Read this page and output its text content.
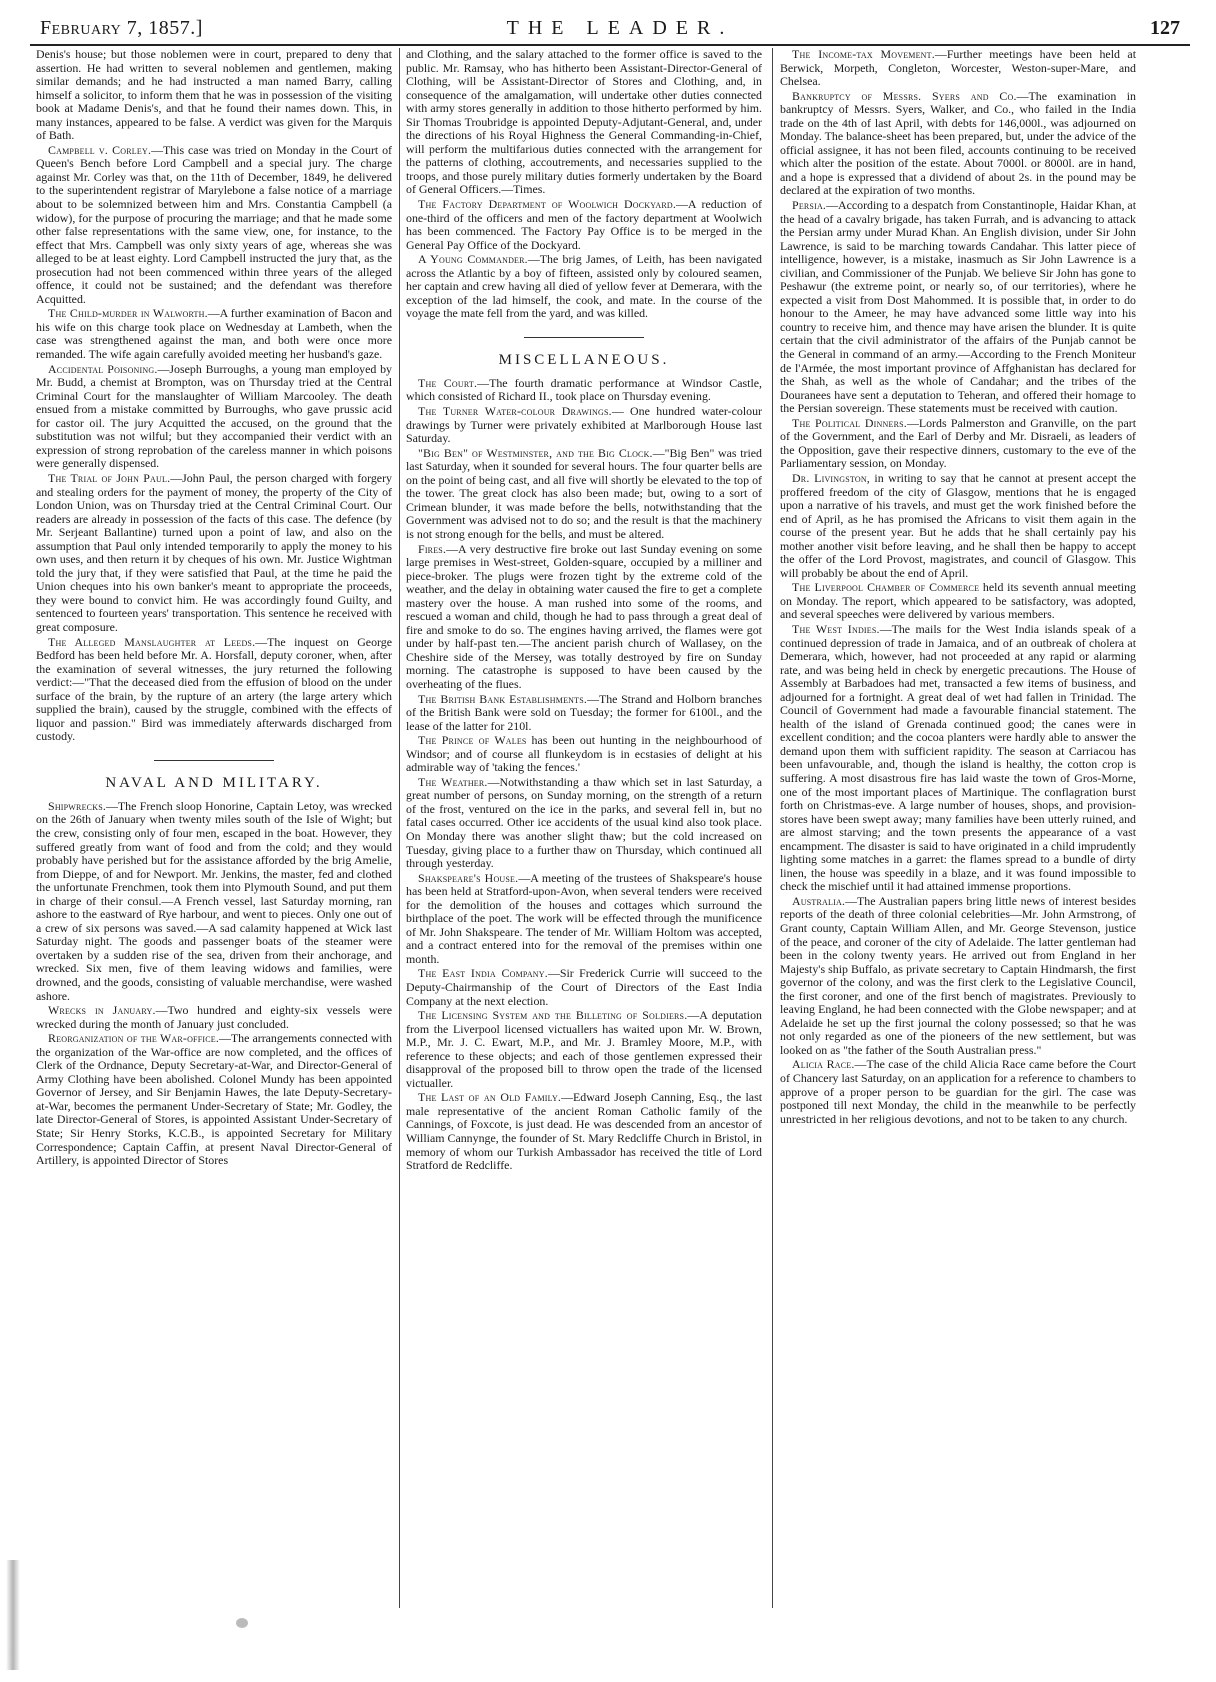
February 7, 1857.]	THE LEADER.	127

Denis's house; but those noblemen were in court, prepared to deny that assertion. He had written to several noblemen and gentlemen, making similar demands; and he had instructed a man named Barry, calling himself a solicitor, to inform them that he was in possession of the visiting book at Madame Denis's, and that he found their names down. This, in many instances, appeared to be false. A verdict was given for the Marquis of Bath.

Campbell v. Corley.—This case was tried on Monday in the Court of Queen's Bench before Lord Campbell and a special jury. The charge against Mr. Corley was that, on the 11th of December, 1849, he delivered to the superintendent registrar of Marylebone a false notice of a marriage about to be solemnized between him and Mrs. Constantia Campbell (a widow), for the purpose of procuring the marriage; and that he made some other false representations with the same view, one, for instance, to the effect that Mrs. Campbell was only sixty years of age, whereas she was alleged to be at least eighty. Lord Campbell instructed the jury that, as the prosecution had not been commenced within three years of the alleged offence, it could not be sustained; and the defendant was therefore Acquitted.

The Child-murder in Walworth.—A further examination of Bacon and his wife on this charge took place on Wednesday at Lambeth, when the case was strengthened against the man, and both were once more remanded. The wife again carefully avoided meeting her husband's gaze.

Accidental Poisoning.—Joseph Burroughs, a young man employed by Mr. Budd, a chemist at Brompton, was on Thursday tried at the Central Criminal Court for the manslaughter of William Marcooley. The death ensued from a mistake committed by Burroughs, who gave prussic acid for castor oil. The jury Acquitted the accused, on the ground that the substitution was not wilful; but they accompanied their verdict with an expression of strong reprobation of the careless manner in which poisons were generally dispensed.

The Trial of John Paul.—John Paul, the person charged with forgery and stealing orders for the payment of money, the property of the City of London Union, was on Thursday tried at the Central Criminal Court. Our readers are already in possession of the facts of this case. The defence (by Mr. Serjeant Ballantine) turned upon a point of law, and also on the assumption that Paul only intended temporarily to apply the money to his own uses, and then return it by cheques of his own. Mr. Justice Wightman told the jury that, if they were satisfied that Paul, at the time he paid the Union cheques into his own banker's meant to appropriate the proceeds, they were bound to convict him. He was accordingly found Guilty, and sentenced to fourteen years' transportation. This sentence he received with great composure.

The Alleged Manslaughter at Leeds.—The inquest on George Bedford has been held before Mr. A. Horsfall, deputy coroner, when, after the examination of several witnesses, the jury returned the following verdict:—"That the deceased died from the effusion of blood on the under surface of the brain, by the rupture of an artery (the large artery which supplied the brain), caused by the struggle, combined with the effects of liquor and passion." Bird was immediately afterwards discharged from custody.

NAVAL AND MILITARY.

Shipwrecks.—The French sloop Honorine, Captain Letoy, was wrecked on the 26th of January when twenty miles south of the Isle of Wight; but the crew, consisting only of four men, escaped in the boat. However, they suffered greatly from want of food and from the cold; and they would probably have perished but for the assistance afforded by the brig Amelie, from Dieppe, of and for Newport. Mr. Jenkins, the master, fed and clothed the unfortunate Frenchmen, took them into Plymouth Sound, and put them in charge of their consul.—A French vessel, last Saturday morning, ran ashore to the eastward of Rye harbour, and went to pieces. Only one out of a crew of six persons was saved.—A sad calamity happened at Wick last Saturday night. The goods and passenger boats of the steamer were overtaken by a sudden rise of the sea, driven from their anchorage, and wrecked. Six men, five of them leaving widows and families, were drowned, and the goods, consisting of valuable merchandise, were washed ashore.

Wrecks in January.—Two hundred and eighty-six vessels were wrecked during the month of January just concluded.

Reorganization of the War-office.—The arrangements connected with the organization of the War-office are now completed, and the offices of Clerk of the Ordnance, Deputy Secretary-at-War, and Director-General of Army Clothing have been abolished. Colonel Mundy has been appointed Governor of Jersey, and Sir Benjamin Hawes, the late Deputy-Secretary-at-War, becomes the permanent Under-Secretary of State; Mr. Godley, the late Director-General of Stores, is appointed Assistant Under-Secretary of State; Sir Henry Storks, K.C.B., is appointed Secretary for Military Correspondence; Captain Caffin, at present Naval Director-General of Artillery, is appointed Director of Stores

and Clothing, and the salary attached to the former office is saved to the public. Mr. Ramsay, who has hitherto been Assistant-Director-General of Clothing, will be Assistant-Director of Stores and Clothing, and, in consequence of the amalgamation, will undertake other duties connected with army stores generally in addition to those hitherto performed by him. Sir Thomas Troubridge is appointed Deputy-Adjutant-General, and, under the directions of his Royal Highness the General Commanding-in-Chief, will perform the multifarious duties connected with the arrangement for the patterns of clothing, accoutrements, and necessaries supplied to the troops, and those purely military duties formerly undertaken by the Board of General Officers.—Times.

The Factory Department of Woolwich Dockyard.—A reduction of one-third of the officers and men of the factory department at Woolwich has been commenced. The Factory Pay Office is to be merged in the General Pay Office of the Dockyard.

A Young Commander.—The brig James, of Leith, has been navigated across the Atlantic by a boy of fifteen, assisted only by coloured seamen, her captain and crew having all died of yellow fever at Demerara, with the exception of the lad himself, the cook, and mate. In the course of the voyage the mate fell from the yard, and was killed.

MISCELLANEOUS.

The Court.—The fourth dramatic performance at Windsor Castle, which consisted of Richard II., took place on Thursday evening.

The Turner Water-colour Drawings.— One hundred water-colour drawings by Turner were privately exhibited at Marlborough House last Saturday.

"Big Ben" of Westminster, and the Big Clock.—"Big Ben" was tried last Saturday, when it sounded for several hours. The four quarter bells are on the point of being cast, and all five will shortly be elevated to the top of the tower. The great clock has also been made; but, owing to a sort of Crimean blunder, it was made before the bells, notwithstanding that the Government was advised not to do so; and the result is that the machinery is not strong enough for the bells, and must be altered.

Fires.—A very destructive fire broke out last Sunday evening on some large premises in West-street, Golden-square, occupied by a milliner and piece-broker. The plugs were frozen tight by the extreme cold of the weather, and the delay in obtaining water caused the fire to get a complete mastery over the house. A man rushed into some of the rooms, and rescued a woman and child, though he had to pass through a great deal of fire and smoke to do so. The engines having arrived, the flames were got under by half-past ten.—The ancient parish church of Wallasey, on the Cheshire side of the Mersey, was totally destroyed by fire on Sunday morning. The catastrophe is supposed to have been caused by the overheating of the flues.

The British Bank Establishments.—The Strand and Holborn branches of the British Bank were sold on Tuesday; the former for 6100l., and the lease of the latter for 210l.

The Prince of Wales has been out hunting in the neighbourhood of Windsor; and of course all flunkeydom is in ecstasies of delight at his admirable way of 'taking the fences.'

The Weather.—Notwithstanding a thaw which set in last Saturday, a great number of persons, on Sunday morning, on the strength of a return of the frost, ventured on the ice in the parks, and several fell in, but no fatal cases occurred. Other ice accidents of the usual kind also took place. On Monday there was another slight thaw; but the cold increased on Tuesday, giving place to a further thaw on Thursday, which continued all through yesterday.

Shakspeare's House.—A meeting of the trustees of Shakspeare's house has been held at Stratford-upon-Avon, when several tenders were received for the demolition of the houses and cottages which surround the birthplace of the poet. The work will be effected through the munificence of Mr. John Shakspeare. The tender of Mr. William Holtom was accepted, and a contract entered into for the removal of the premises within one month.

The East India Company.—Sir Frederick Currie will succeed to the Deputy-Chairmanship of the Court of Directors of the East India Company at the next election.

The Licensing System and the Billeting of Soldiers.—A deputation from the Liverpool licensed victuallers has waited upon Mr. W. Brown, M.P., Mr. J. C. Ewart, M.P., and Mr. J. Bramley Moore, M.P., with reference to these objects; and each of those gentlemen expressed their disapproval of the proposed bill to throw open the trade of the licensed victualler.

The Last of an Old Family.—Edward Joseph Canning, Esq., the last male representative of the ancient Roman Catholic family of the Cannings, of Foxcote, is just dead. He was descended from an ancestor of William Cannynge, the founder of St. Mary Redcliffe Church in Bristol, in memory of whom our Turkish Ambassador has received the title of Lord Stratford de Redcliffe.

The Income-tax Movement.—Further meetings have been held at Berwick, Morpeth, Congleton, Worcester, Weston-super-Mare, and Chelsea.

Bankruptcy of Messrs. Syers and Co.—The examination in bankruptcy of Messrs. Syers, Walker, and Co., who failed in the India trade on the 4th of last April, with debts for 146,000l., was adjourned on Monday. The balance-sheet has been prepared, but, under the advice of the official assignee, it has not been filed, accounts continuing to be received which alter the position of the estate. About 7000l. or 8000l. are in hand, and a hope is expressed that a dividend of about 2s. in the pound may be declared at the expiration of two months.

Persia.—According to a despatch from Constantinople, Haidar Khan, at the head of a cavalry brigade, has taken Furrah, and is advancing to attack the Persian army under Murad Khan. An English division, under Sir John Lawrence, is said to be marching towards Candahar. This latter piece of intelligence, however, is a mistake, inasmuch as Sir John Lawrence is a civilian, and Commissioner of the Punjab. We believe Sir John has gone to Peshawur (the extreme point, or nearly so, of our territories), where he expected a visit from Dost Mahommed. It is possible that, in order to do honour to the Ameer, he may have advanced some little way into his country to receive him, and thence may have arisen the blunder. It is quite certain that the civil administrator of the affairs of the Punjab cannot be the General in command of an army.—According to the French Moniteur de l'Armée, the most important province of Affghanistan has declared for the Shah, as well as the whole of Candahar; and the tribes of the Douranees have sent a deputation to Teheran, and offered their homage to the Persian sovereign. These statements must be received with caution.

The Political Dinners.—Lords Palmerston and Granville, on the part of the Government, and the Earl of Derby and Mr. Disraeli, as leaders of the Opposition, gave their respective dinners, customary to the eve of the Parliamentary session, on Monday.

Dr. Livingston, in writing to say that he cannot at present accept the proffered freedom of the city of Glasgow, mentions that he is engaged upon a narrative of his travels, and must get the work finished before the end of April, as he has promised the Africans to visit them again in the course of the present year. But he adds that he shall certainly pay his mother another visit before leaving, and he shall then be happy to accept the offer of the Lord Provost, magistrates, and council of Glasgow. This will probably be about the end of April.

The Liverpool Chamber of Commerce held its seventh annual meeting on Monday. The report, which appeared to be satisfactory, was adopted, and several speeches were delivered by various members.

The West Indies.—The mails for the West India islands speak of a continued depression of trade in Jamaica, and of an outbreak of cholera at Demerara, which, however, had not proceeded at any rapid or alarming rate, and was being held in check by energetic precautions. The House of Assembly at Barbadoes had met, transacted a few items of business, and adjourned for a fortnight. A great deal of wet had fallen in Trinidad. The Council of Government had made a favourable financial statement. The health of the island of Grenada continued good; the canes were in excellent condition; and the cocoa planters were hardly able to answer the demand upon them with sufficient rapidity. The season at Carriacou has been unfavourable, and, though the island is healthy, the cotton crop is suffering. A most disastrous fire has laid waste the town of Gros-Morne, one of the most important places of Martinique. The conflagration burst forth on Christmas-eve. A large number of houses, shops, and provision-stores have been swept away; many families have been utterly ruined, and are almost starving; and the town presents the appearance of a vast encampment. The disaster is said to have originated in a child imprudently lighting some matches in a garret: the flames spread to a bundle of dirty linen, the house was speedily in a blaze, and it was found impossible to check the mischief until it had attained immense proportions.

Australia.—The Australian papers bring little news of interest besides reports of the death of three colonial celebrities—Mr. John Armstrong, of Grant county, Captain William Allen, and Mr. George Stevenson, justice of the peace, and coroner of the city of Adelaide. The latter gentleman had been in the colony twenty years. He arrived out from England in her Majesty's ship Buffalo, as private secretary to Captain Hindmarsh, the first governor of the colony, and was the first clerk to the Legislative Council, the first coroner, and one of the first bench of magistrates. Previously to leaving England, he had been connected with the Globe newspaper; and at Adelaide he set up the first journal the colony possessed; so that he was not only regarded as one of the pioneers of the new settlement, but was looked on as "the father of the South Australian press."

Alicia Race.—The case of the child Alicia Race came before the Court of Chancery last Saturday, on an application for a reference to chambers to approve of a proper person to be guardian for the girl. The case was postponed till next Monday, the child in the meanwhile to be perfectly unrestricted in her religious devotions, and not to be taken to any church.
